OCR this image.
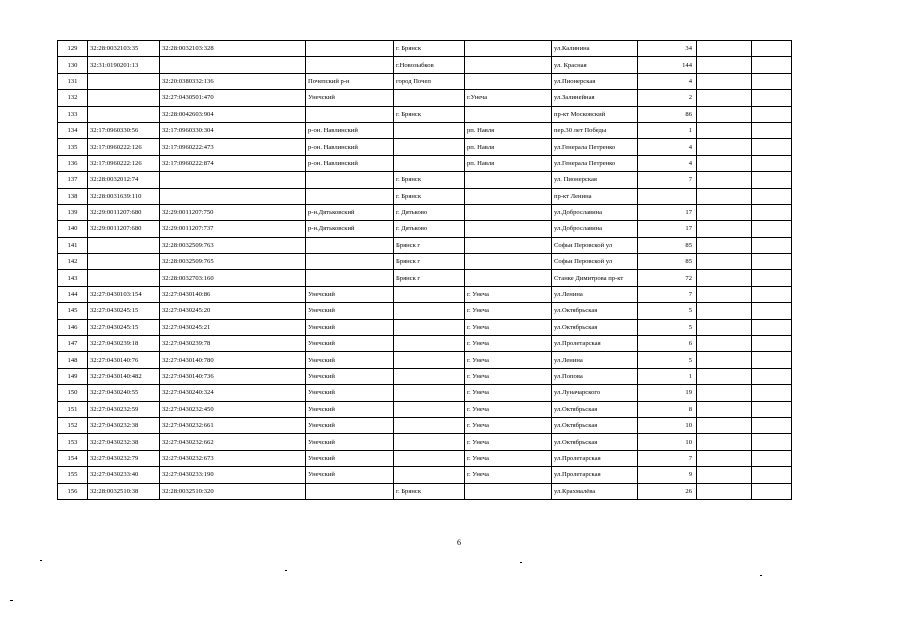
129	32:28:0032103:35	32:28:0032103:328		г. Брянск		ул.Калинина	34		
130	32:31:0190201:13			г.Новозыбков		ул. Красная	144		
131		32:20:0380332:136	Почепский р-н	город Почеп		ул.Пионерская	4		
132		32:27:0430501:470	Унечский		г.Унеча	ул.Залинейная	2		
133		32:28:0042603:904		г. Брянск		пр-кт Московский	86		
134	32:17:0960330:56	32:17:0960330:304	р-он. Навлинский		рп. Навля	пер.30 лет Победы	1		
135	32:17:0960222:126	32:17:0960222:473	р-он. Навлинский		рп. Навля	ул.Генерала Петренко	4		
136	32:17:0960222:126	32:17:0960222:874	р-он. Навлинский		рп. Навля	ул.Генерала Петренко	4		
137	32:28:0032012:74			г. Брянск		ул. Пионерская	7		
138	32:28:0031639:110			г. Брянск		пр-кт Ленина			
139	32:29:0011207:680	32:29:0011207:750	р-н.Дятьковский	г. Дятьково		ул.Доброславина	17		
140	32:29:0011207:680	32:29:0011207:737	р-н.Дятьковский	г. Дятьково		ул.Доброславина	17		
141		32:28:0032509:763		Брянск г		Софьи Перовской ул	85		
142		32:28:0032509:765		Брянск г		Софьи Перовской ул	85		
143		32:28:0032703:160		Брянск г		Станке Димитрова пр-кт	72		
144	32:27:0430103:154	32:27:0430140:86	Унечский		г. Унеча	ул.Ленина	7		
145	32:27:0430245:15	32:27:0430245:20	Унечский		г. Унеча	ул.Октябрьская	5		
146	32:27:0430245:15	32:27:0430245:21	Унечский		г. Унеча	ул.Октябрьская	5		
147	32:27:0430239:18	32:27:0430239:78	Унечский		г. Унеча	ул.Пролетарская	6		
148	32:27:0430140:76	32:27:0430140:780	Унечский		г. Унеча	ул.Ленина	5		
149	32:27:0430140:482	32:27:0430140:736	Унечский		г. Унеча	ул.Попова	1		
150	32:27:0430240:55	32:27:0430240:324	Унечский		г. Унеча	ул.Луначарского	19		
151	32:27:0430232:59	32:27:0430232:450	Унечский		г. Унеча	ул.Октябрьская	8		
152	32:27:0430232:38	32:27:0430232:661	Унечский		г. Унеча	ул.Октябрьская	10		
153	32:27:0430232:38	32:27:0430232:662	Унечский		г. Унеча	ул.Октябрьская	10		
154	32:27:0430232:79	32:27:0430232:673	Унечский		г. Унеча	ул.Пролетарская	7		
155	32:27:0430233:40	32:27:0430233:190	Унечский		г. Унеча	ул.Пролетарская	9		
156	32:28:0032510:38	32:28:0032510:320		г. Брянск		ул.Крахмалёва	26		
6
